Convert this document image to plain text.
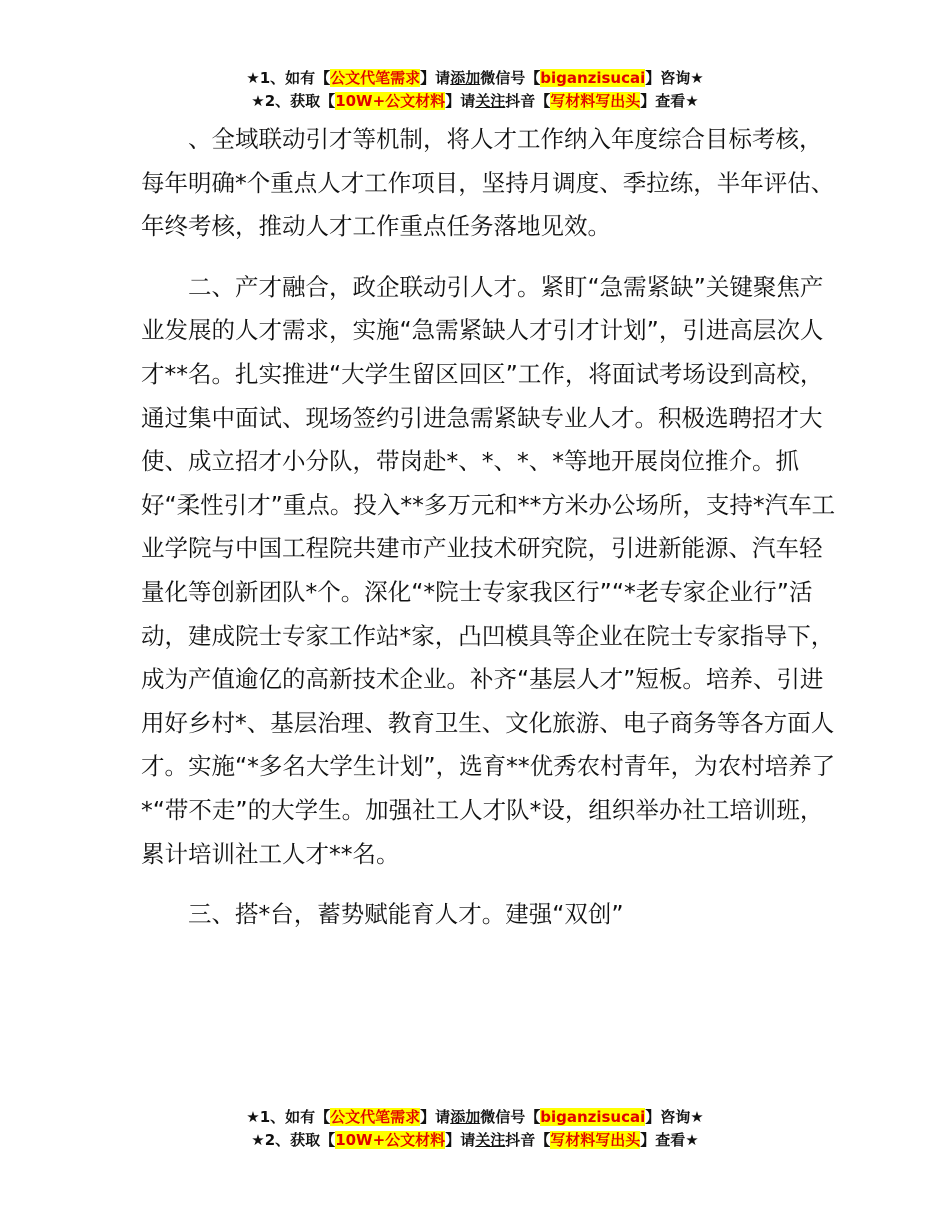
★1、如有【公文代笔需求】请添加微信号【biganzisucai】咨询★
★2、获取【10W+公文材料】请关注抖音【写材料写出头】查看★

、全域联动引才等机制，将人才工作纳入年度综合目标考核，每年明确*个重点人才工作项目，坚持月调度、季拉练，半年评估、年终考核，推动人才工作重点任务落地见效。

二、产才融合，政企联动引人才。紧盯“急需紧缺”关键聚焦产业发展的人才需求，实施“急需紧缺人才引才计划”，引进高层次人才**名。扎实推进“大学生留区回区”工作，将面试考场设到高校，通过集中面试、现场签约引进急需紧缺专业人才。积极选聘招才大使、成立招才小分队，带岗赴*、*、*、*等地开展岗位推介。抓好“柔性引才”重点。投入**多万元和**方米办公场所，支持*汽车工业学院与中国工程院共建市产业技术研究院，引进新能源、汽车轻量化等创新团队*个。深化“*院士专家我区行”“*老专家企业行”活动，建成院士专家工作站*家，凸凹模具等企业在院士专家指导下，成为产值逾亿的高新技术企业。补齐“基层人才”短板。培养、引进用好乡村*、基层治理、教育卫生、文化旅游、电子商务等各方面人才。实施“*多名大学生计划”，选育**优秀农村青年，为农村培养了*“带不走”的大学生。加强社工人才队*设，组织举办社工培训班，累计培训社工人才**名。

三、搭*台，蓄势赋能育人才。建强“双创”

★1、如有【公文代笔需求】请添加微信号【biganzisucai】咨询★
★2、获取【10W+公文材料】请关注抖音【写材料写出头】查看★
